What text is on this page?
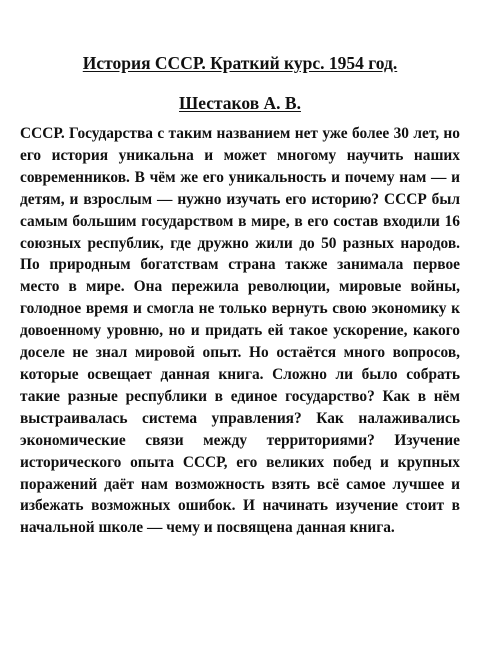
История СССР. Краткий курс. 1954 год.
Шестаков А. В.

СССР. Государства с таким названием нет уже более 30 лет, но его история уникальна и может многому научить наших современников. В чём же его уникальность и почему нам — и детям, и взрослым — нужно изучать его историю? СССР был самым большим государством в мире, в его состав входили 16 союзных республик, где дружно жили до 50 разных народов. По природным богатствам страна также занимала первое место в мире. Она пережила революции, мировые войны, голодное время и смогла не только вернуть свою экономику к довоенному уровню, но и придать ей такое ускорение, какого доселе не знал мировой опыт. Но остаётся много вопросов, которые освещает данная книга. Сложно ли было собрать такие разные республики в единое государство? Как в нём выстраивалась система управления? Как налаживались экономические связи между территориями? Изучение исторического опыта СССР, его великих побед и крупных поражений даёт нам возможность взять всё самое лучшее и избежать возможных ошибок. И начинать изучение стоит в начальной школе — чему и посвящена данная книга.
